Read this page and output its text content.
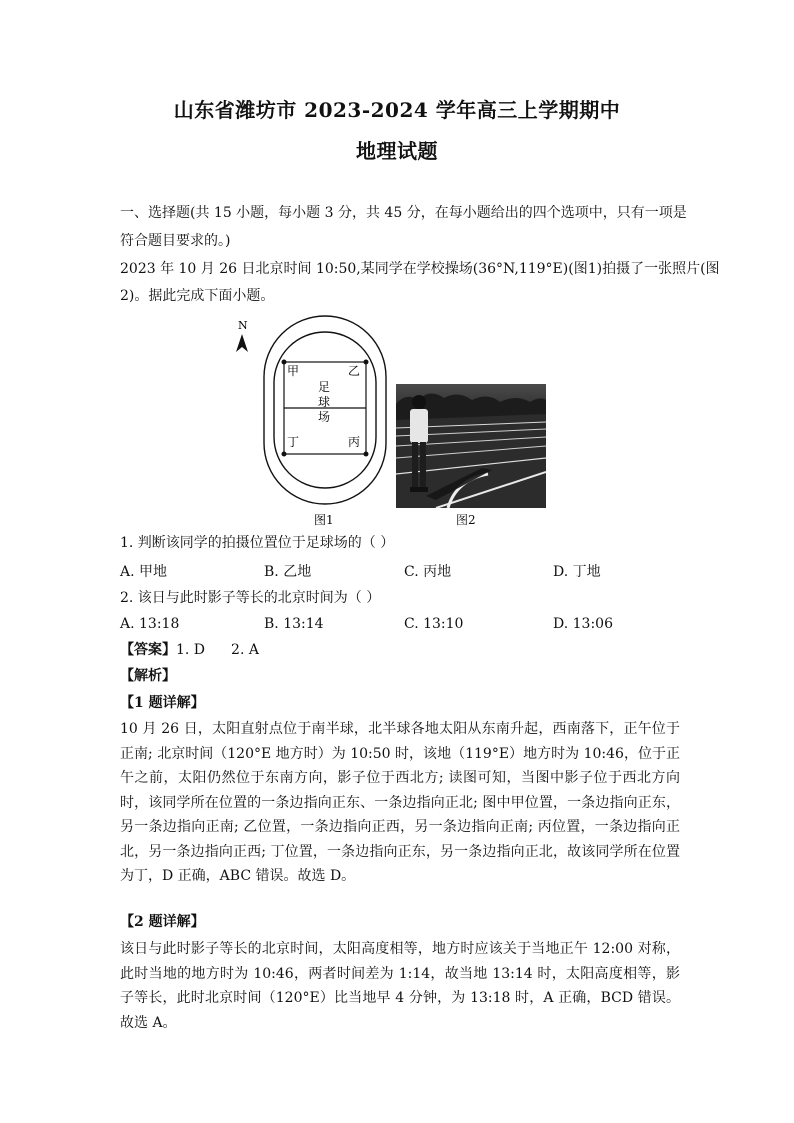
山东省潍坊市 2023-2024 学年高三上学期期中
地理试题
一、选择题(共 15 小题，每小题 3 分，共 45 分，在每小题给出的四个选项中，只有一项是
符合题目要求的。)
2023 年 10 月 26 日北京时间 10:50,某同学在学校操场(36°N,119°E)(图1)拍摄了一张照片(图
2)。据此完成下面小题。
N
甲	乙
丁	丙
足
球
场
图1	图2
1. 判断该同学的拍摄位置位于足球场的（ ）
A. 甲地	B. 乙地	C. 丙地	D. 丁地
2. 该日与此时影子等长的北京时间为（ ）
A. 13:18	B. 13:14	C. 13:10	D. 13:06
【答案】1. D 2. A
【解析】
【1 题详解】
10 月 26 日，太阳直射点位于南半球，北半球各地太阳从东南升起，西南落下，正午位于正南; 北京时间（120°E 地方时）为 10:50 时，该地（119°E）地方时为 10:46，位于正午之前，太阳仍然位于东南方向，影子位于西北方; 读图可知，当图中影子位于西北方向时，该同学所在位置的一条边指向正东、一条边指向正北; 图中甲位置，一条边指向正东，另一条边指向正南; 乙位置，一条边指向正西，另一条边指向正南; 丙位置，一条边指向正北，另一条边指向正西; 丁位置，一条边指向正东，另一条边指向正北，故该同学所在位置为丁，D 正确，ABC 错误。故选 D。
【2 题详解】
该日与此时影子等长的北京时间，太阳高度相等，地方时应该关于当地正午 12:00 对称，此时当地的地方时为 10:46，两者时间差为 1:14，故当地 13:14 时，太阳高度相等，影子等长，此时北京时间（120°E）比当地早 4 分钟，为 13:18 时，A 正确，BCD 错误。故选 A。
